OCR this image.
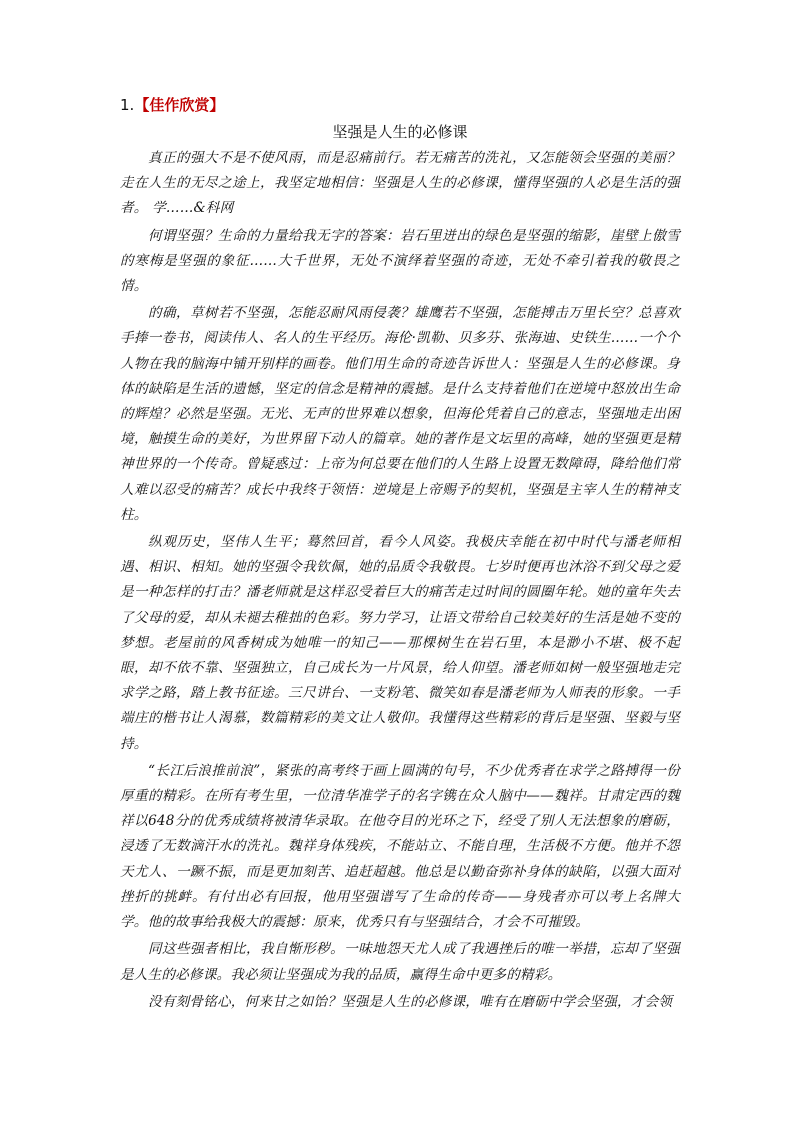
1.【佳作欣赏】
坚强是人生的必修课

真正的强大不是不使风雨，而是忍痛前行。若无痛苦的洗礼，又怎能领会坚强的美丽？走在人生的无尽之途上，我坚定地相信：坚强是人生的必修课，懂得坚强的人必是生活的强者。 学……&科网

何谓坚强？生命的力量给我无字的答案：岩石里迸出的绿色是坚强的缩影，崖壁上傲雪的寒梅是坚强的象征……大千世界，无处不演绎着坚强的奇迹，无处不牵引着我的敬畏之情。

的确，草树若不坚强，怎能忍耐风雨侵袭？雄鹰若不坚强，怎能搏击万里长空？总喜欢手捧一卷书，阅读伟人、名人的生平经历。海伦·凯勒、贝多芬、张海迪、史铁生……一个个人物在我的脑海中铺开别样的画卷。他们用生命的奇迹告诉世人：坚强是人生的必修课。身体的缺陷是生活的遗憾，坚定的信念是精神的震撼。是什么支持着他们在逆境中怒放出生命的辉煌？必然是坚强。无光、无声的世界难以想象，但海伦凭着自己的意志，坚强地走出困境，触摸生命的美好，为世界留下动人的篇章。她的著作是文坛里的高峰，她的坚强更是精神世界的一个传奇。曾疑惑过：上帝为何总要在他们的人生路上设置无数障碍，降给他们常人难以忍受的痛苦？成长中我终于领悟：逆境是上帝赐予的契机，坚强是主宰人生的精神支柱。

纵观历史，坚伟人生平；蓦然回首，看今人风姿。我极庆幸能在初中时代与潘老师相遇、相识、相知。她的坚强令我钦佩，她的品质令我敬畏。七岁时便再也沐浴不到父母之爱是一种怎样的打击？潘老师就是这样忍受着巨大的痛苦走过时间的圆圈年轮。她的童年失去了父母的爱，却从未褪去稚拙的色彩。努力学习，让语文带给自己较美好的生活是她不变的梦想。老屋前的风香树成为她唯一的知己——那棵树生在岩石里，本是渺小不堪、极不起眼，却不依不靠、坚强独立，自己成长为一片风景，给人仰望。潘老师如树一般坚强地走完求学之路，踏上教书征途。三尺讲台、一支粉笔、微笑如春是潘老师为人师表的形象。一手端庄的楷书让人渴慕，数篇精彩的美文让人敬仰。我懂得这些精彩的背后是坚强、坚毅与坚持。

“长江后浪推前浪”，紧张的高考终于画上圆满的句号，不少优秀者在求学之路搏得一份厚重的精彩。在所有考生里，一位清华准学子的名字镌在众人脑中——魏祥。甘肃定西的魏祥以648分的优秀成绩将被清华录取。在他夺目的光环之下，经受了别人无法想象的磨砺，浸透了无数滴汗水的洗礼。魏祥身体残疾，不能站立、不能自理，生活极不方便。他并不怨天尤人、一蹶不振，而是更加刻苦、追赶超越。他总是以勤奋弥补身体的缺陷，以强大面对挫折的挑衅。有付出必有回报，他用坚强谱写了生命的传奇——身残者亦可以考上名牌大学。他的故事给我极大的震撼：原来，优秀只有与坚强结合，才会不可摧毁。

同这些强者相比，我自惭形秽。一味地怨天尤人成了我遇挫后的唯一举措，忘却了坚强是人生的必修课。我必须让坚强成为我的品质，赢得生命中更多的精彩。

没有刻骨铭心，何来甘之如饴？坚强是人生的必修课，唯有在磨砺中学会坚强，才会领
